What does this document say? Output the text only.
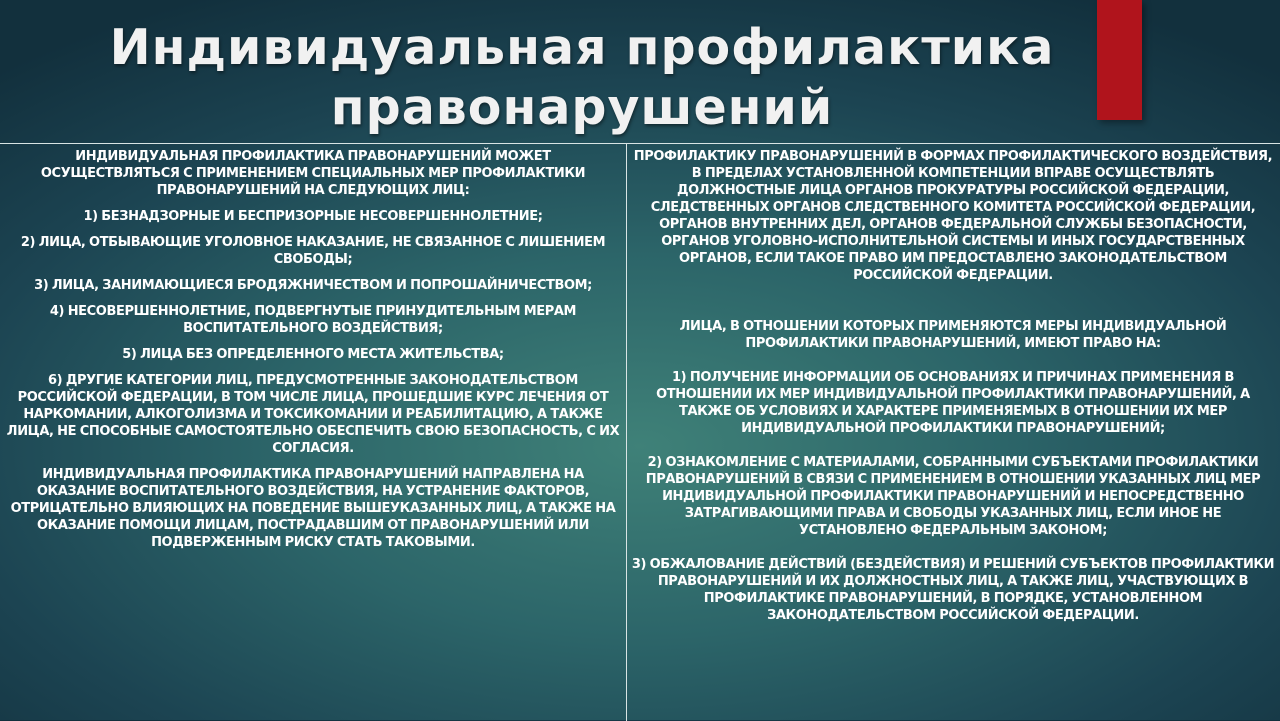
Индивидуальная профилактика правонарушений

ИНДИВИДУАЛЬНАЯ ПРОФИЛАКТИКА ПРАВОНАРУШЕНИЙ МОЖЕТ ОСУЩЕСТВЛЯТЬСЯ С ПРИМЕНЕНИЕМ СПЕЦИАЛЬНЫХ МЕР ПРОФИЛАКТИКИ ПРАВОНАРУШЕНИЙ НА СЛЕДУЮЩИХ ЛИЦ:

1) БЕЗНАДЗОРНЫЕ И БЕСПРИЗОРНЫЕ НЕСОВЕРШЕННОЛЕТНИЕ;

2) ЛИЦА, ОТБЫВАЮЩИЕ УГОЛОВНОЕ НАКАЗАНИЕ, НЕ СВЯЗАННОЕ С ЛИШЕНИЕМ СВОБОДЫ;

3) ЛИЦА, ЗАНИМАЮЩИЕСЯ БРОДЯЖНИЧЕСТВОМ И ПОПРОШАЙНИЧЕСТВОМ;

4) НЕСОВЕРШЕННОЛЕТНИЕ, ПОДВЕРГНУТЫЕ ПРИНУДИТЕЛЬНЫМ МЕРАМ ВОСПИТАТЕЛЬНОГО ВОЗДЕЙСТВИЯ;

5) ЛИЦА БЕЗ ОПРЕДЕЛЕННОГО МЕСТА ЖИТЕЛЬСТВА;

6) ДРУГИЕ КАТЕГОРИИ ЛИЦ, ПРЕДУСМОТРЕННЫЕ ЗАКОНОДАТЕЛЬСТВОМ РОССИЙСКОЙ ФЕДЕРАЦИИ, В ТОМ ЧИСЛЕ ЛИЦА, ПРОШЕДШИЕ КУРС ЛЕЧЕНИЯ ОТ НАРКОМАНИИ, АЛКОГОЛИЗМА И ТОКСИКОМАНИИ И РЕАБИЛИТАЦИЮ, А ТАКЖЕ ЛИЦА, НЕ СПОСОБНЫЕ САМОСТОЯТЕЛЬНО ОБЕСПЕЧИТЬ СВОЮ БЕЗОПАСНОСТЬ, С ИХ СОГЛАСИЯ.

ИНДИВИДУАЛЬНАЯ ПРОФИЛАКТИКА ПРАВОНАРУШЕНИЙ НАПРАВЛЕНА НА ОКАЗАНИЕ ВОСПИТАТЕЛЬНОГО ВОЗДЕЙСТВИЯ, НА УСТРАНЕНИЕ ФАКТОРОВ, ОТРИЦАТЕЛЬНО ВЛИЯЮЩИХ НА ПОВЕДЕНИЕ ВЫШЕУКАЗАННЫХ ЛИЦ, А ТАКЖЕ НА ОКАЗАНИЕ ПОМОЩИ ЛИЦАМ, ПОСТРАДАВШИМ ОТ ПРАВОНАРУШЕНИЙ ИЛИ ПОДВЕРЖЕННЫМ РИСКУ СТАТЬ ТАКОВЫМИ.

ПРОФИЛАКТИКУ ПРАВОНАРУШЕНИЙ В ФОРМАХ ПРОФИЛАКТИЧЕСКОГО ВОЗДЕЙСТВИЯ, В ПРЕДЕЛАХ УСТАНОВЛЕННОЙ КОМПЕТЕНЦИИ ВПРАВЕ ОСУЩЕСТВЛЯТЬ ДОЛЖНОСТНЫЕ ЛИЦА ОРГАНОВ ПРОКУРАТУРЫ РОССИЙСКОЙ ФЕДЕРАЦИИ, СЛЕДСТВЕННЫХ ОРГАНОВ СЛЕДСТВЕННОГО КОМИТЕТА РОССИЙСКОЙ ФЕДЕРАЦИИ, ОРГАНОВ ВНУТРЕННИХ ДЕЛ, ОРГАНОВ ФЕДЕРАЛЬНОЙ СЛУЖБЫ БЕЗОПАСНОСТИ, ОРГАНОВ УГОЛОВНО-ИСПОЛНИТЕЛЬНОЙ СИСТЕМЫ И ИНЫХ ГОСУДАРСТВЕННЫХ ОРГАНОВ, ЕСЛИ ТАКОЕ ПРАВО ИМ ПРЕДОСТАВЛЕНО ЗАКОНОДАТЕЛЬСТВОМ РОССИЙСКОЙ ФЕДЕРАЦИИ.

ЛИЦА, В ОТНОШЕНИИ КОТОРЫХ ПРИМЕНЯЮТСЯ МЕРЫ ИНДИВИДУАЛЬНОЙ ПРОФИЛАКТИКИ ПРАВОНАРУШЕНИЙ, ИМЕЮТ ПРАВО НА:

1) ПОЛУЧЕНИЕ ИНФОРМАЦИИ ОБ ОСНОВАНИЯХ И ПРИЧИНАХ ПРИМЕНЕНИЯ В ОТНОШЕНИИ ИХ МЕР ИНДИВИДУАЛЬНОЙ ПРОФИЛАКТИКИ ПРАВОНАРУШЕНИЙ, А ТАКЖЕ ОБ УСЛОВИЯХ И ХАРАКТЕРЕ ПРИМЕНЯЕМЫХ В ОТНОШЕНИИ ИХ МЕР ИНДИВИДУАЛЬНОЙ ПРОФИЛАКТИКИ ПРАВОНАРУШЕНИЙ;

2) ОЗНАКОМЛЕНИЕ С МАТЕРИАЛАМИ, СОБРАННЫМИ СУБЪЕКТАМИ ПРОФИЛАКТИКИ ПРАВОНАРУШЕНИЙ В СВЯЗИ С ПРИМЕНЕНИЕМ В ОТНОШЕНИИ УКАЗАННЫХ ЛИЦ МЕР ИНДИВИДУАЛЬНОЙ ПРОФИЛАКТИКИ ПРАВОНАРУШЕНИЙ И НЕПОСРЕДСТВЕННО ЗАТРАГИВАЮЩИМИ ПРАВА И СВОБОДЫ УКАЗАННЫХ ЛИЦ, ЕСЛИ ИНОЕ НЕ УСТАНОВЛЕНО ФЕДЕРАЛЬНЫМ ЗАКОНОМ;

3) ОБЖАЛОВАНИЕ ДЕЙСТВИЙ (БЕЗДЕЙСТВИЯ) И РЕШЕНИЙ СУБЪЕКТОВ ПРОФИЛАКТИКИ ПРАВОНАРУШЕНИЙ И ИХ ДОЛЖНОСТНЫХ ЛИЦ, А ТАКЖЕ ЛИЦ, УЧАСТВУЮЩИХ В ПРОФИЛАКТИКЕ ПРАВОНАРУШЕНИЙ, В ПОРЯДКЕ, УСТАНОВЛЕННОМ ЗАКОНОДАТЕЛЬСТВОМ РОССИЙСКОЙ ФЕДЕРАЦИИ.
